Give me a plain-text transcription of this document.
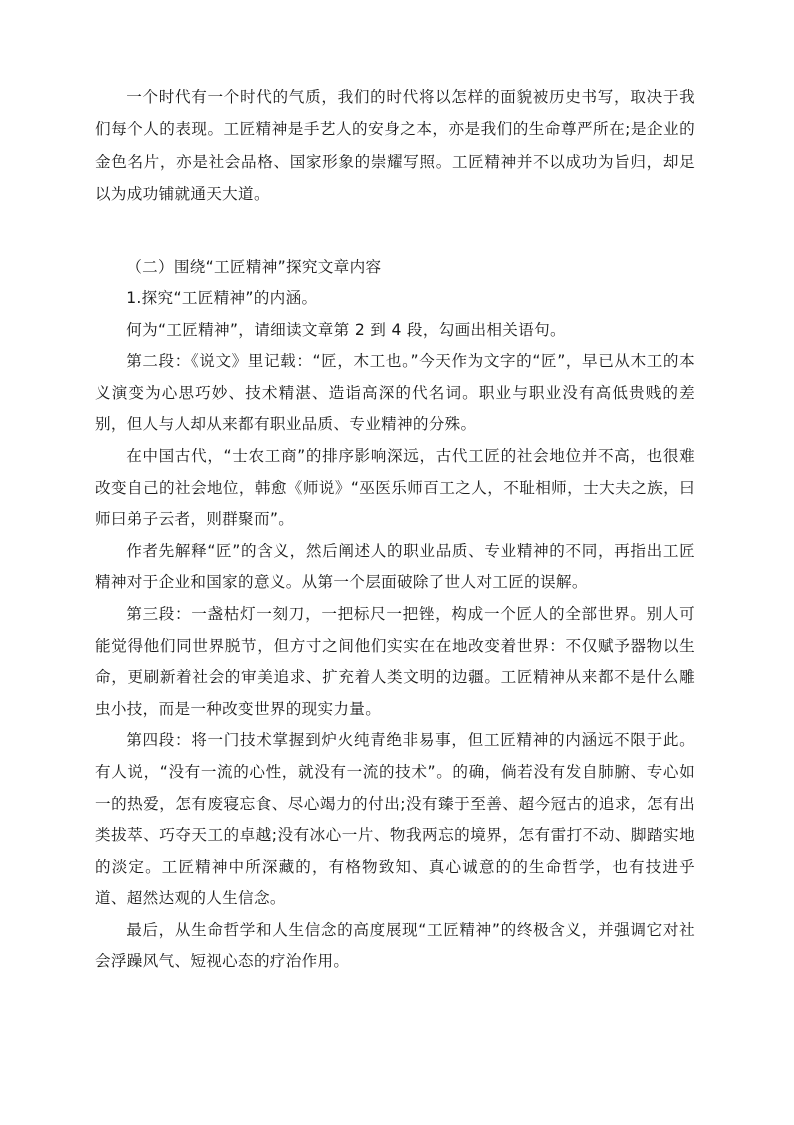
一个时代有一个时代的气质，我们的时代将以怎样的面貌被历史书写，取决于我们每个人的表现。工匠精神是手艺人的安身之本，亦是我们的生命尊严所在;是企业的金色名片，亦是社会品格、国家形象的崇耀写照。工匠精神并不以成功为旨归，却足以为成功铺就通天大道。

（二）围绕“工匠精神”探究文章内容

1.探究“工匠精神”的内涵。

何为“工匠精神”，请细读文章第 2 到 4 段，勾画出相关语句。

第二段：《说文》里记载：“匠，木工也。”今天作为文字的“匠”，早已从木工的本义演变为心思巧妙、技术精湛、造诣高深的代名词。职业与职业没有高低贵贱的差别，但人与人却从来都有职业品质、专业精神的分殊。

在中国古代，“士农工商”的排序影响深远，古代工匠的社会地位并不高，也很难改变自己的社会地位，韩愈《师说》“巫医乐师百工之人，不耻相师，士大夫之族，曰师曰弟子云者，则群聚而”。

作者先解释“匠”的含义，然后阐述人的职业品质、专业精神的不同，再指出工匠精神对于企业和国家的意义。从第一个层面破除了世人对工匠的误解。

第三段：一盏枯灯一刻刀，一把标尺一把锉，构成一个匠人的全部世界。别人可能觉得他们同世界脱节，但方寸之间他们实实在在地改变着世界：不仅赋予器物以生命，更刷新着社会的审美追求、扩充着人类文明的边疆。工匠精神从来都不是什么雕虫小技，而是一种改变世界的现实力量。

第四段：将一门技术掌握到炉火纯青绝非易事，但工匠精神的内涵远不限于此。有人说，“没有一流的心性，就没有一流的技术”。的确，倘若没有发自肺腑、专心如一的热爱，怎有废寝忘食、尽心竭力的付出;没有臻于至善、超今冠古的追求，怎有出类拔萃、巧夺天工的卓越;没有冰心一片、物我两忘的境界，怎有雷打不动、脚踏实地的淡定。工匠精神中所深藏的，有格物致知、真心诚意的的生命哲学，也有技进乎道、超然达观的人生信念。

最后，从生命哲学和人生信念的高度展现“工匠精神”的终极含义，并强调它对社会浮躁风气、短视心态的疗治作用。
